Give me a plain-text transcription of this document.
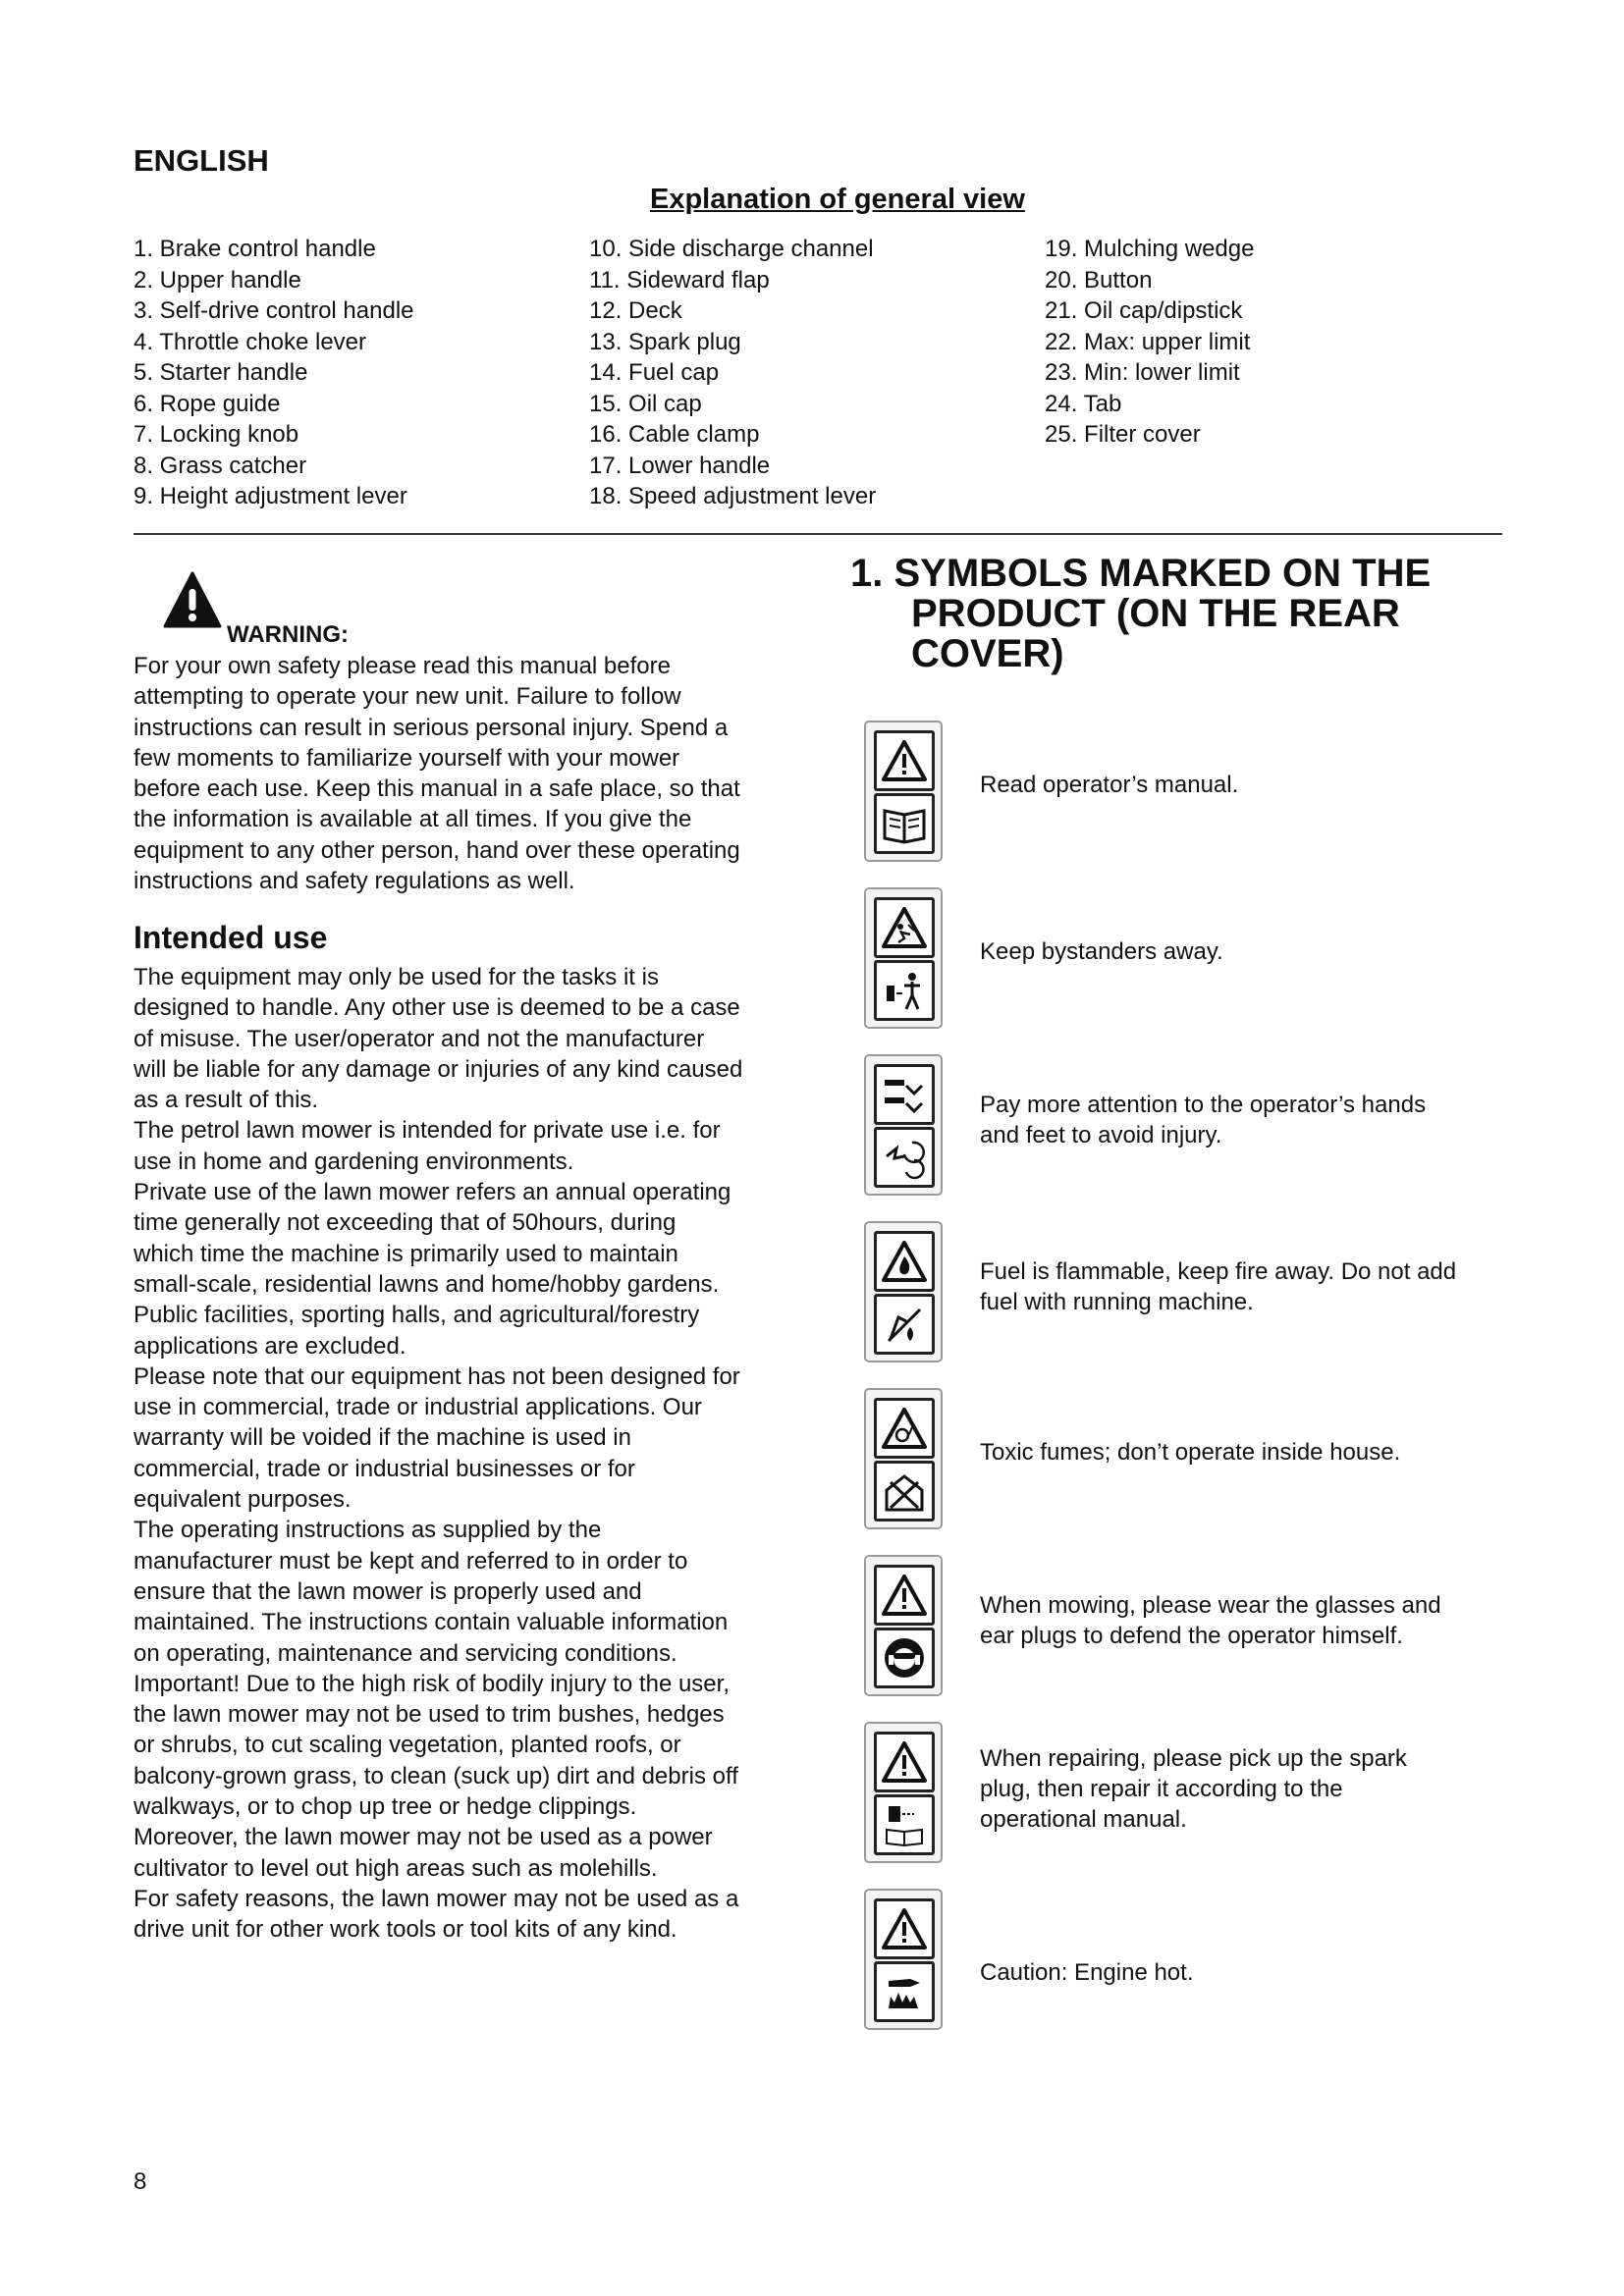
ENGLISH
Explanation of general view
1. Brake control handle
2. Upper handle
3. Self-drive control handle
4. Throttle choke lever
5. Starter handle
6. Rope guide
7. Locking knob
8. Grass catcher
9. Height adjustment lever
10. Side discharge channel
11. Sideward flap
12. Deck
13. Spark plug
14. Fuel cap
15. Oil cap
16. Cable clamp
17. Lower handle
18. Speed adjustment lever
19. Mulching wedge
20. Button
21. Oil cap/dipstick
22. Max: upper limit
23. Min: lower limit
24. Tab
25. Filter cover
WARNING:
For your own safety please read this manual before
attempting to operate your new unit. Failure to follow
instructions can result in serious personal injury. Spend a
few moments to familiarize yourself with your mower
before each use. Keep this manual in a safe place, so that
the information is available at all times. If you give the
equipment to any other person, hand over these operating
instructions and safety regulations as well.
Intended use
The equipment may only be used for the tasks it is
designed to handle. Any other use is deemed to be a case
of misuse. The user/operator and not the manufacturer
will be liable for any damage or injuries of any kind caused
as a result of this.
The petrol lawn mower is intended for private use i.e. for
use in home and gardening environments.
Private use of the lawn mower refers an annual operating
time generally not exceeding that of 50hours, during
which time the machine is primarily used to maintain
small-scale, residential lawns and home/hobby gardens.
Public facilities, sporting halls, and agricultural/forestry
applications are excluded.
Please note that our equipment has not been designed for
use in commercial, trade or industrial applications. Our
warranty will be voided if the machine is used in
commercial, trade or industrial businesses or for
equivalent purposes.
The operating instructions as supplied by the
manufacturer must be kept and referred to in order to
ensure that the lawn mower is properly used and
maintained. The instructions contain valuable information
on operating, maintenance and servicing conditions.
Important! Due to the high risk of bodily injury to the user,
the lawn mower may not be used to trim bushes, hedges
or shrubs, to cut scaling vegetation, planted roofs, or
balcony-grown grass, to clean (suck up) dirt and debris off
walkways, or to chop up tree or hedge clippings.
Moreover, the lawn mower may not be used as a power
cultivator to level out high areas such as molehills.
For safety reasons, the lawn mower may not be used as a
drive unit for other work tools or tool kits of any kind.
1. SYMBOLS MARKED ON THE
PRODUCT (ON THE REAR
COVER)
Read operator’s manual.
Keep bystanders away.
Pay more attention to the operator’s hands
and feet to avoid injury.
Fuel is flammable, keep fire away. Do not add
fuel with running machine.
Toxic fumes; don’t operate inside house.
When mowing, please wear the glasses and
ear plugs to defend the operator himself.
When repairing, please pick up the spark
plug, then repair it according to the
operational manual.
Caution: Engine hot.
8
